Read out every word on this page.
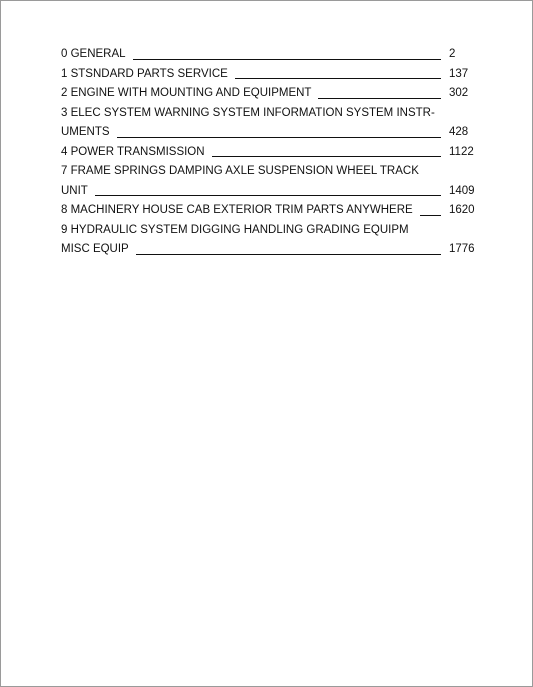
0 GENERAL	2
1 STSNDARD PARTS SERVICE	137
2 ENGINE WITH MOUNTING AND EQUIPMENT	302
3 ELEC SYSTEM WARNING SYSTEM INFORMATION SYSTEM INSTR-
UMENTS	428
4 POWER TRANSMISSION	1122
7 FRAME SPRINGS DAMPING AXLE SUSPENSION WHEEL TRACK
UNIT	1409
8 MACHINERY HOUSE CAB EXTERIOR TRIM PARTS ANYWHERE	1620
9 HYDRAULIC SYSTEM DIGGING HANDLING GRADING EQUIPM
MISC EQUIP	1776
